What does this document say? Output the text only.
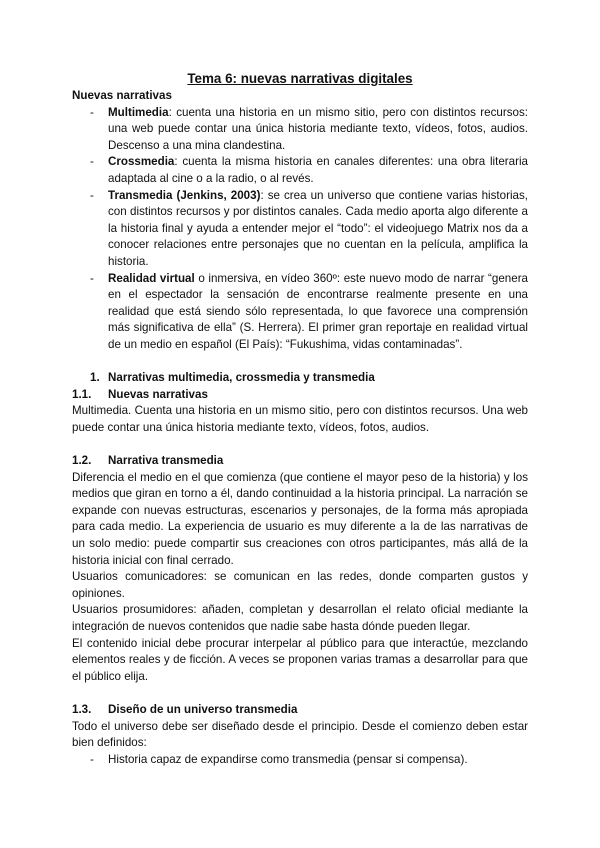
Tema 6: nuevas narrativas digitales

Nuevas narrativas

- Multimedia: cuenta una historia en un mismo sitio, pero con distintos recursos: una web puede contar una única historia mediante texto, vídeos, fotos, audios. Descenso a una mina clandestina.
- Crossmedia: cuenta la misma historia en canales diferentes: una obra literaria adaptada al cine o a la radio, o al revés.
- Transmedia (Jenkins, 2003): se crea un universo que contiene varias historias, con distintos recursos y por distintos canales. Cada medio aporta algo diferente a la historia final y ayuda a entender mejor el “todo”: el videojuego Matrix nos da a conocer relaciones entre personajes que no cuentan en la película, amplifica la historia.
- Realidad virtual o inmersiva, en vídeo 360º: este nuevo modo de narrar “genera en el espectador la sensación de encontrarse realmente presente en una realidad que está siendo sólo representada, lo que favorece una comprensión más significativa de ella” (S. Herrera). El primer gran reportaje en realidad virtual de un medio en español (El País): “Fukushima, vidas contaminadas”.

1. Narrativas multimedia, crossmedia y transmedia

1.1. Nuevas narrativas

Multimedia. Cuenta una historia en un mismo sitio, pero con distintos recursos. Una web puede contar una única historia mediante texto, vídeos, fotos, audios.

1.2. Narrativa transmedia

Diferencia el medio en el que comienza (que contiene el mayor peso de la historia) y los medios que giran en torno a él, dando continuidad a la historia principal. La narración se expande con nuevas estructuras, escenarios y personajes, de la forma más apropiada para cada medio. La experiencia de usuario es muy diferente a la de las narrativas de un solo medio: puede compartir sus creaciones con otros participantes, más allá de la historia inicial con final cerrado.

Usuarios comunicadores: se comunican en las redes, donde comparten gustos y opiniones.

Usuarios prosumidores: añaden, completan y desarrollan el relato oficial mediante la integración de nuevos contenidos que nadie sabe hasta dónde pueden llegar.

El contenido inicial debe procurar interpelar al público para que interactúe, mezclando elementos reales y de ficción. A veces se proponen varias tramas a desarrollar para que el público elija.

1.3. Diseño de un universo transmedia

Todo el universo debe ser diseñado desde el principio. Desde el comienzo deben estar bien definidos:

- Historia capaz de expandirse como transmedia (pensar si compensa).
